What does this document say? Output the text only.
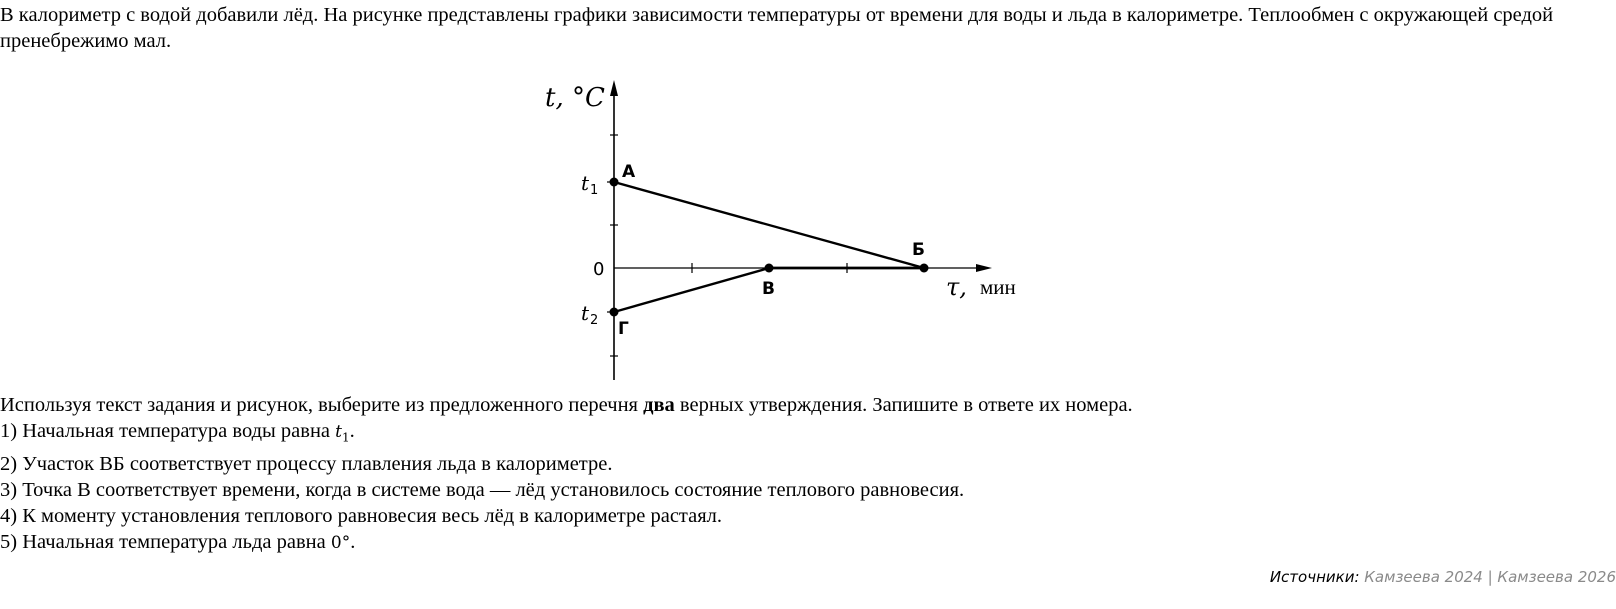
В калориметр с водой добавили лёд. На рисунке представлены графики зависимости температуры от времени для воды и льда в калориметре. Теплообмен с окружающей средой пренебрежимо мал.
t, °C
τ, мин
t 1
0
t 2
А
Б
В
Г
Используя текст задания и рисунок, выберите из предложенного перечня два верных утверждения. Запишите в ответе их номера.
1) Начальная температура воды равна $t_1$.
2) Участок ВБ соответствует процессу плавления льда в калориметре.
3) Точка В соответствует времени, когда в системе вода — лёд установилось состояние теплового равновесия.
4) К моменту установления теплового равновесия весь лёд в калориметре растаял.
5) Начальная температура льда равна 0°.
Источники: Камзеева 2024 | Камзеева 2026
